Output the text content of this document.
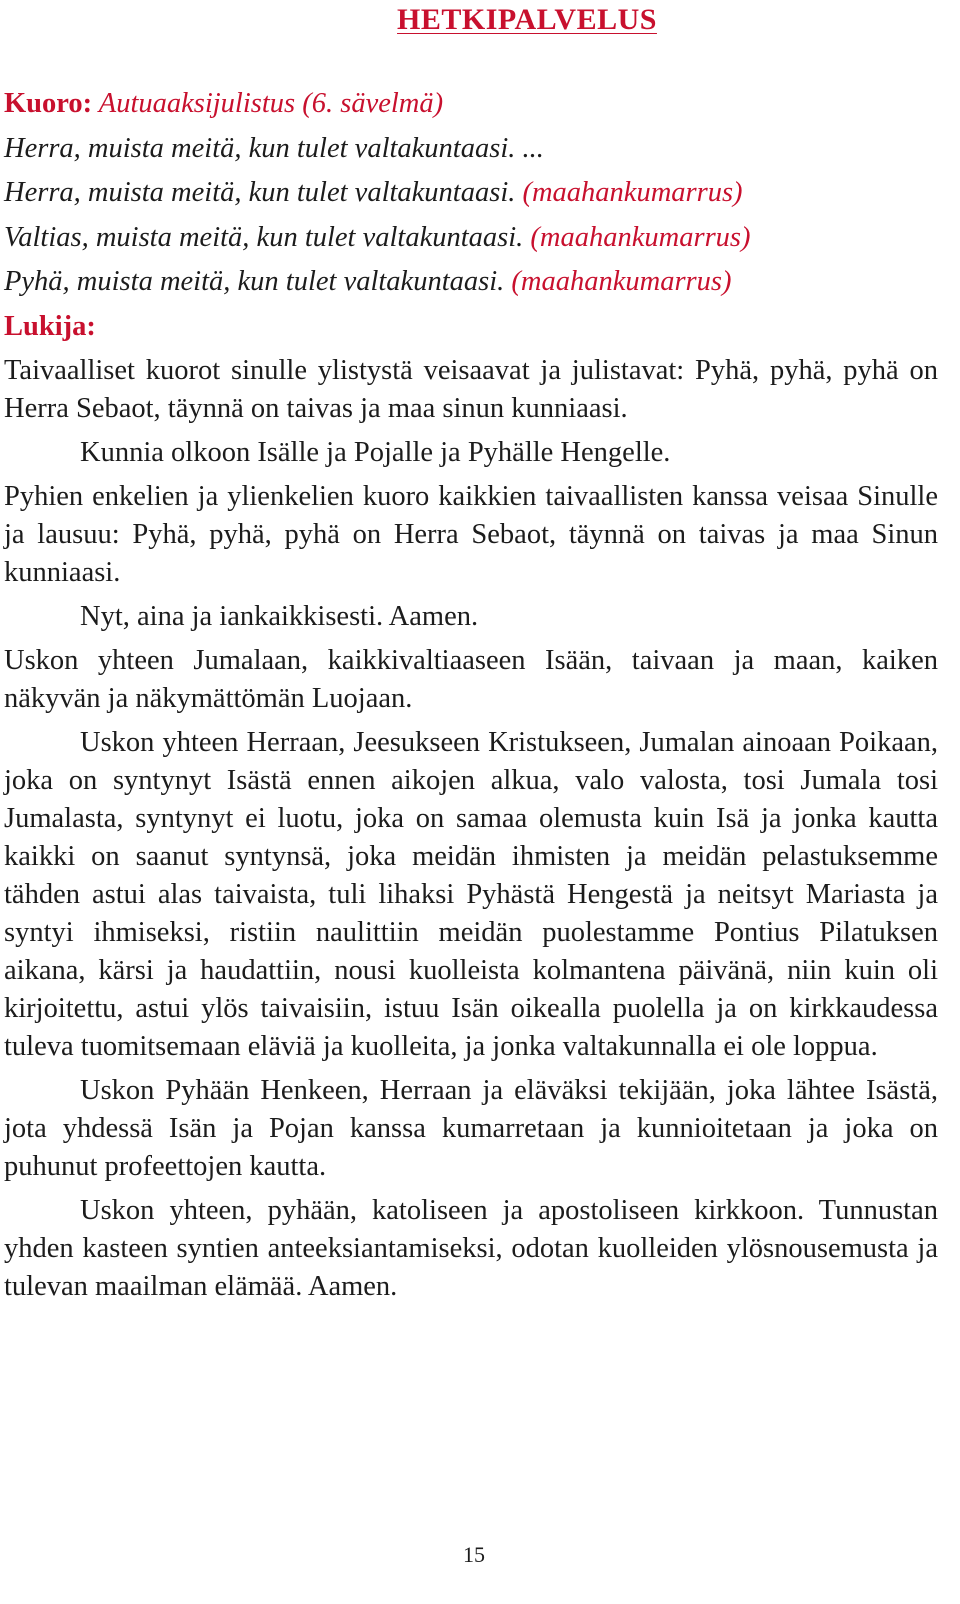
HETKIPALVELUS
Kuoro: Autuaaksijulistus (6. sävelmä)
Herra, muista meitä, kun tulet valtakuntaasi. ...
Herra, muista meitä, kun tulet valtakuntaasi. (maahankumarrus)
Valtias, muista meitä, kun tulet valtakuntaasi. (maahankumarrus)
Pyhä, muista meitä, kun tulet valtakuntaasi. (maahankumarrus)
Lukija:

Taivaalliset kuorot sinulle ylistystä veisaavat ja julistavat: Pyhä, pyhä, pyhä on Herra Sebaot, täynnä on taivas ja maa sinun kunniaasi.

Kunnia olkoon Isälle ja Pojalle ja Pyhälle Hengelle.

Pyhien enkelien ja ylienkelien kuoro kaikkien taivaallisten kanssa veisaa Sinulle ja lausuu: Pyhä, pyhä, pyhä on Herra Sebaot, täynnä on taivas ja maa Sinun kunniaasi.

Nyt, aina ja iankaikkisesti. Aamen.

Uskon yhteen Jumalaan, kaikkivaltiaaseen Isään, taivaan ja maan, kaiken näkyvän ja näkymättömän Luojaan.

Uskon yhteen Herraan, Jeesukseen Kristukseen, Jumalan ainoaan Poikaan, joka on syntynyt Isästä ennen aikojen alkua, valo valosta, tosi Jumala tosi Jumalasta, syntynyt ei luotu, joka on samaa olemusta kuin Isä ja jonka kautta kaikki on saanut syntynsä, joka meidän ihmisten ja meidän pelastuksemme tähden astui alas taivaista, tuli lihaksi Pyhästä Hengestä ja neitsyt Mariasta ja syntyi ihmiseksi, ristiin naulittiin meidän puolestamme Pontius Pilatuksen aikana, kärsi ja haudattiin, nousi kuolleista kolmantena päivänä, niin kuin oli kirjoitettu, astui ylös taivaisiin, istuu Isän oikealla puolella ja on kirkkaudessa tuleva tuomitsemaan eläviä ja kuolleita, ja jonka valtakunnalla ei ole loppua.

Uskon Pyhään Henkeen, Herraan ja eläväksi tekijään, joka lähtee Isästä, jota yhdessä Isän ja Pojan kanssa kumarretaan ja kunnioitetaan ja joka on puhunut profeettojen kautta.

Uskon yhteen, pyhään, katoliseen ja apostoliseen kirkkoon. Tunnustan yhden kasteen syntien anteeksiantamiseksi, odotan kuolleiden ylösnousemusta ja tulevan maailman elämää. Aamen.

15
